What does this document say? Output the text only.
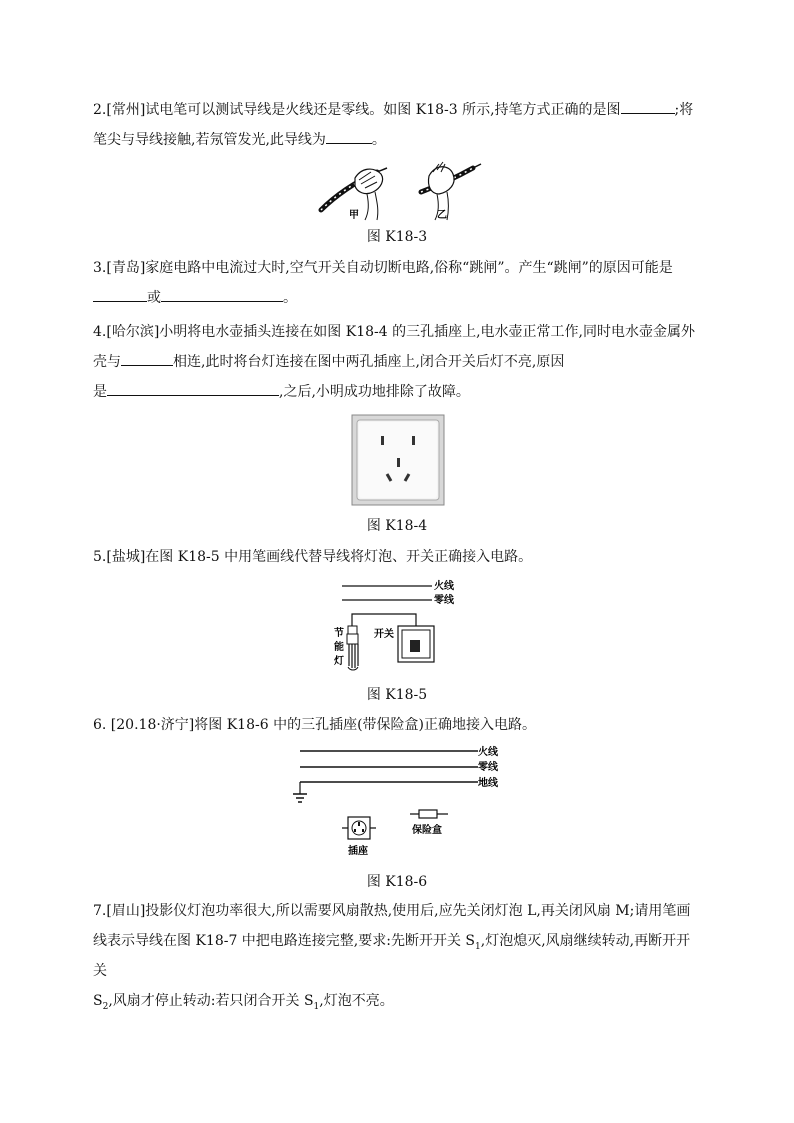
2.[常州]试电笔可以测试导线是火线还是零线。如图 K18-3 所示,持笔方式正确的是图	;将
笔尖与导线接触,若氖管发光,此导线为	。
甲	乙
图 K18-3
3.[青岛]家庭电路中电流过大时,空气开关自动切断电路,俗称“跳闸”。产生“跳闸”的原因可能是
或	。
4.[哈尔滨]小明将电水壶插头连接在如图 K18-4 的三孔插座上,电水壶正常工作,同时电水壶金属外
壳与	相连,此时将台灯连接在图中两孔插座上,闭合开关后灯不亮,原因
是	,之后,小明成功地排除了故障。
图 K18-4
5.[盐城]在图 K18-5 中用笔画线代替导线将灯泡、开关正确接入电路。
火线
零线
节
能
灯
开关
图 K18-5
6. [20.18·济宁]将图 K18-6 中的三孔插座(带保险盒)正确地接入电路。
火线
零线
地线
保险盒
插座
图 K18-6
7.[眉山]投影仪灯泡功率很大,所以需要风扇散热,使用后,应先关闭灯泡 L,再关闭风扇 M;请用笔画
线表示导线在图 K18-7 中把电路连接完整,要求:先断开开关 $S_1$,灯泡熄灭,风扇继续转动,再断开开关
$S_2$,风扇才停止转动:若只闭合开关 $S_1$,灯泡不亮。
